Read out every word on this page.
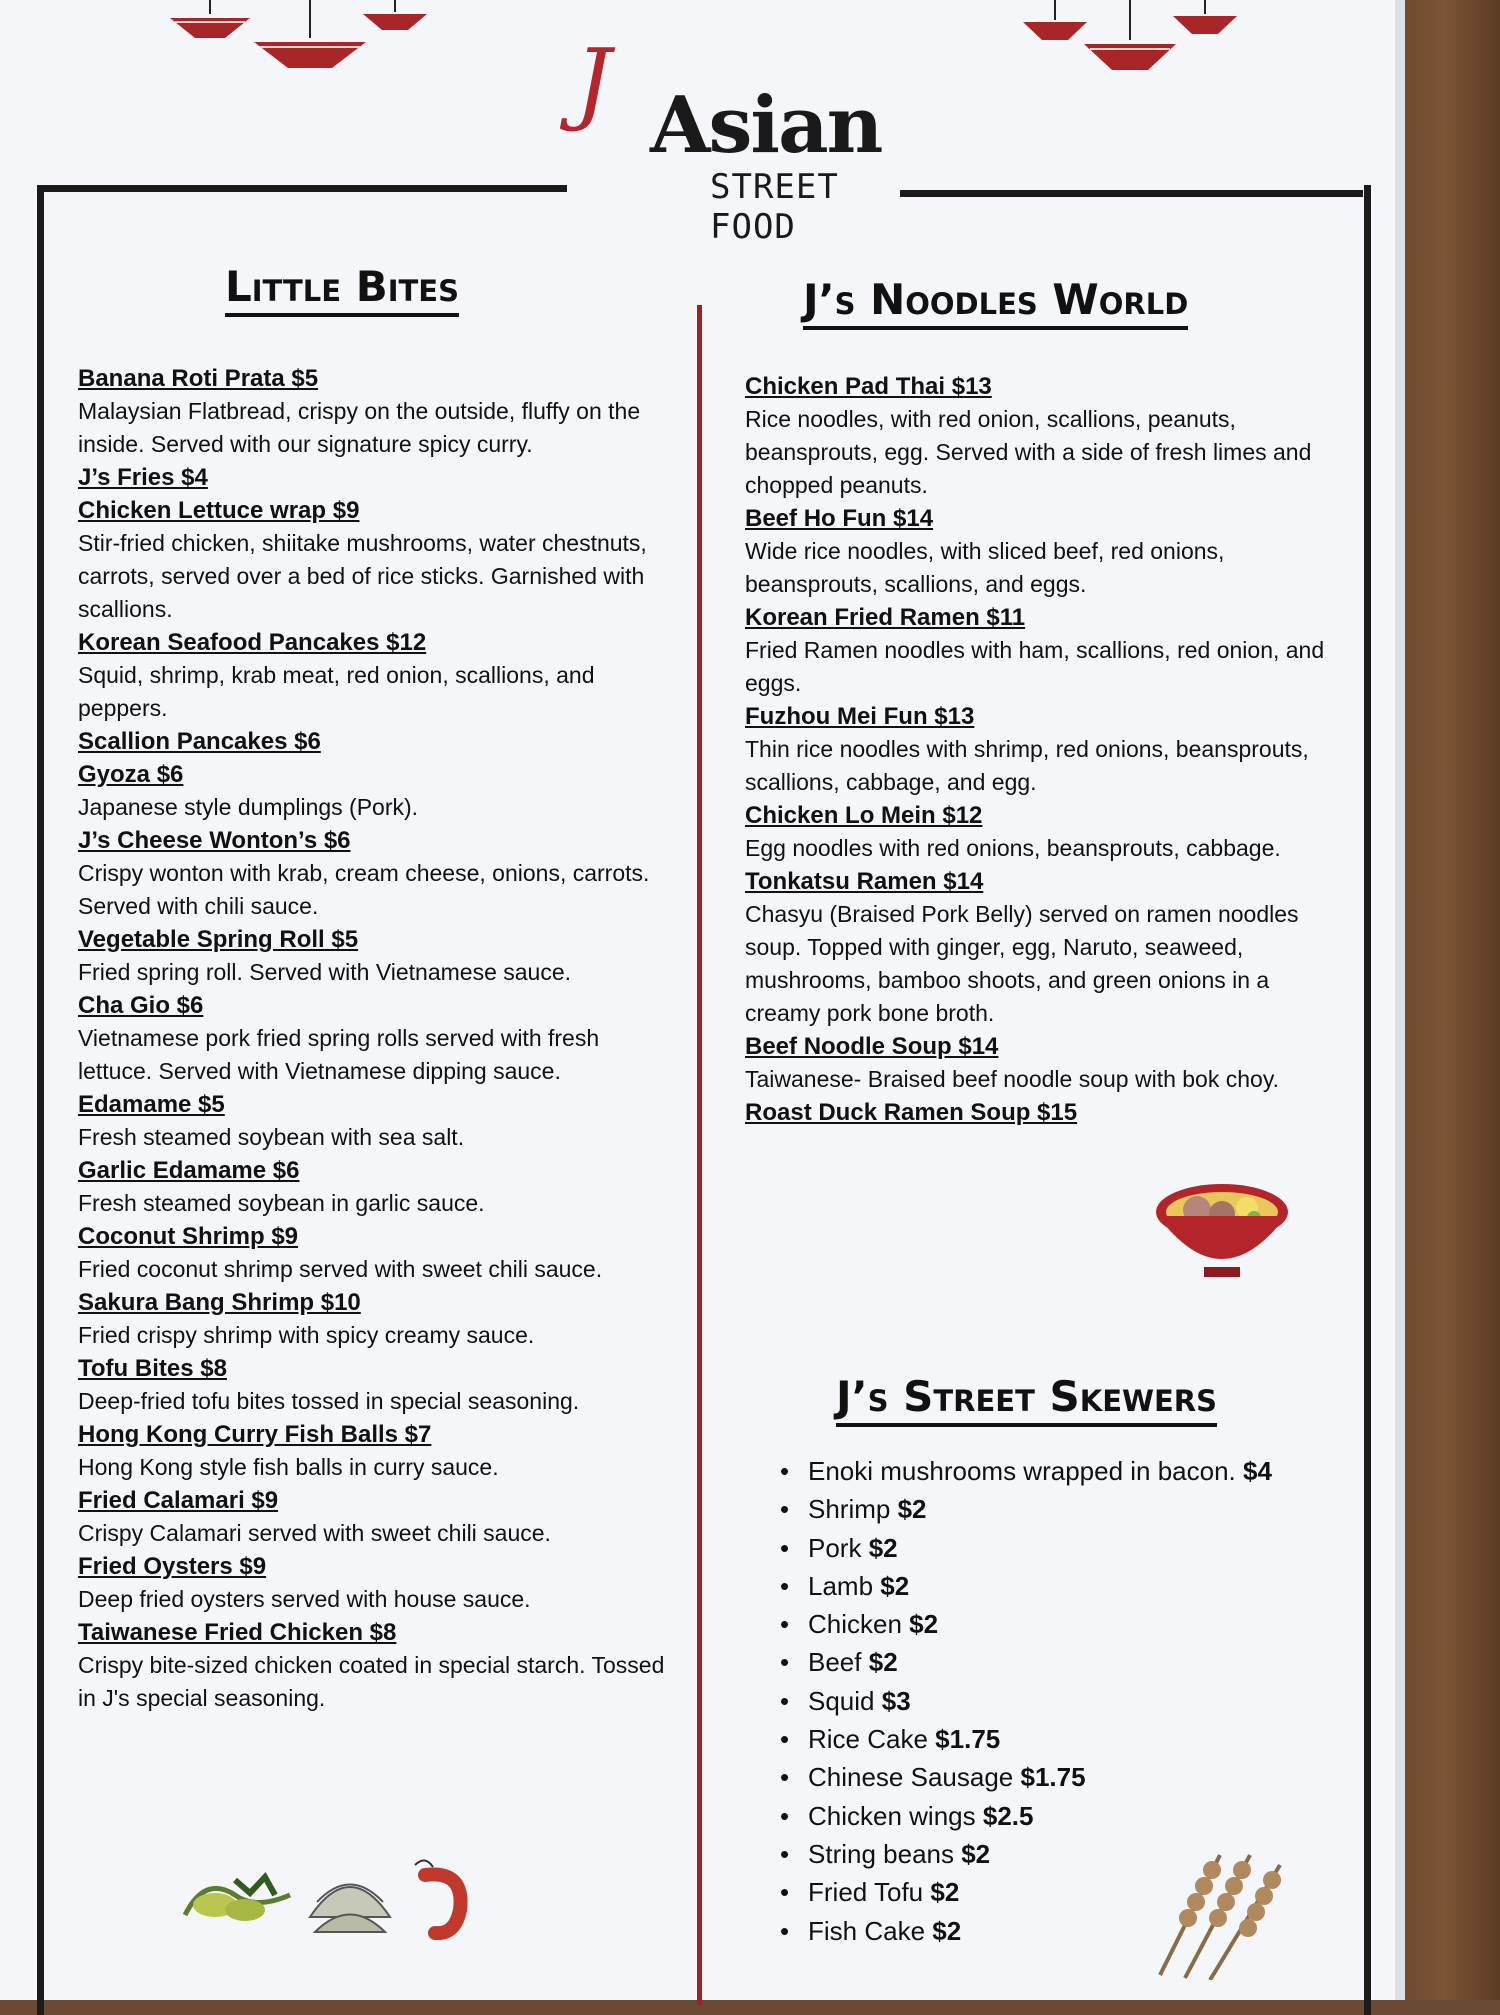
J Asian
STREET FOOD
Little Bites
Banana Roti Prata $5
Malaysian Flatbread, crispy on the outside, fluffy on the inside. Served with our signature spicy curry.
J’s Fries $4
Chicken Lettuce wrap $9
Stir-fried chicken, shiitake mushrooms, water chestnuts, carrots, served over a bed of rice sticks. Garnished with scallions.
Korean Seafood Pancakes $12
Squid, shrimp, krab meat, red onion, scallions, and peppers.
Scallion Pancakes $6
Gyoza $6
Japanese style dumplings (Pork).
J’s Cheese Wonton’s $6
Crispy wonton with krab, cream cheese, onions, carrots. Served with chili sauce.
Vegetable Spring Roll $5
Fried spring roll. Served with Vietnamese sauce.
Cha Gio $6
Vietnamese pork fried spring rolls served with fresh lettuce. Served with Vietnamese dipping sauce.
Edamame $5
Fresh steamed soybean with sea salt.
Garlic Edamame $6
Fresh steamed soybean in garlic sauce.
Coconut Shrimp $9
Fried coconut shrimp served with sweet chili sauce.
Sakura Bang Shrimp $10
Fried crispy shrimp with spicy creamy sauce.
Tofu Bites $8
Deep-fried tofu bites tossed in special seasoning.
Hong Kong Curry Fish Balls $7
Hong Kong style fish balls in curry sauce.
Fried Calamari $9
Crispy Calamari served with sweet chili sauce.
Fried Oysters $9
Deep fried oysters served with house sauce.
Taiwanese Fried Chicken $8
Crispy bite-sized chicken coated in special starch. Tossed in J's special seasoning.
J’s Noodles World
Chicken Pad Thai $13
Rice noodles, with red onion, scallions, peanuts, beansprouts, egg. Served with a side of fresh limes and chopped peanuts.
Beef Ho Fun $14
Wide rice noodles, with sliced beef, red onions, beansprouts, scallions, and eggs.
Korean Fried Ramen $11
Fried Ramen noodles with ham, scallions, red onion, and eggs.
Fuzhou Mei Fun $13
Thin rice noodles with shrimp, red onions, beansprouts, scallions, cabbage, and egg.
Chicken Lo Mein $12
Egg noodles with red onions, beansprouts, cabbage.
Tonkatsu Ramen $14
Chasyu (Braised Pork Belly) served on ramen noodles soup. Topped with ginger, egg, Naruto, seaweed, mushrooms, bamboo shoots, and green onions in a creamy pork bone broth.
Beef Noodle Soup $14
Taiwanese- Braised beef noodle soup with bok choy.
Roast Duck Ramen Soup $15
J’s Street Skewers
• Enoki mushrooms wrapped in bacon. $4
• Shrimp $2
• Pork $2
• Lamb $2
• Chicken $2
• Beef $2
• Squid $3
• Rice Cake $1.75
• Chinese Sausage $1.75
• Chicken wings $2.5
• String beans $2
• Fried Tofu $2
• Fish Cake $2
